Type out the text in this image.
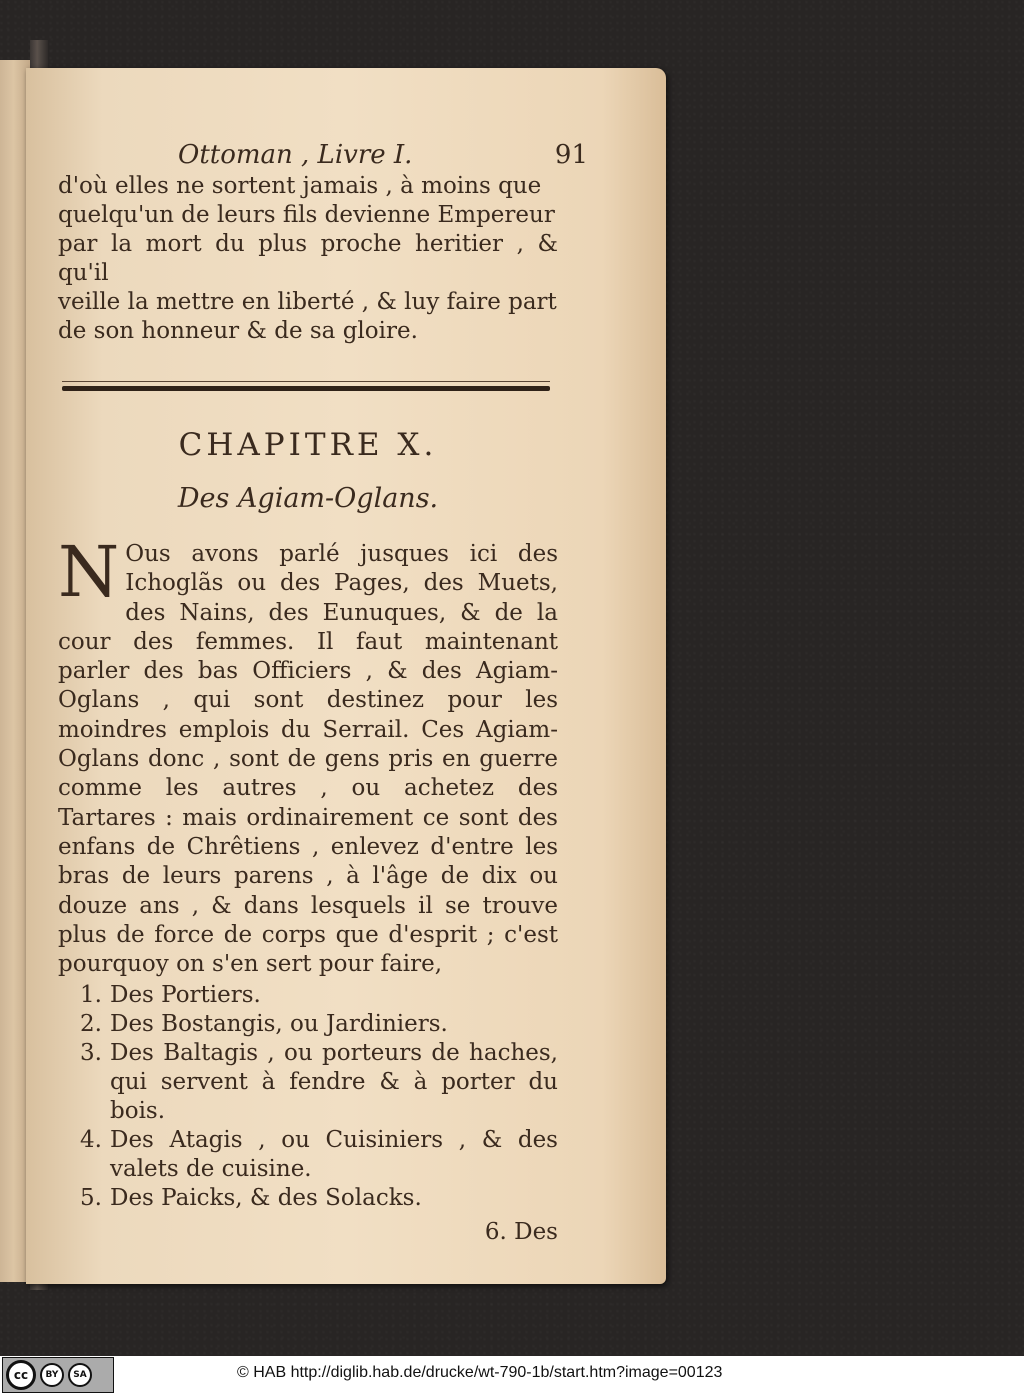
Ottoman , Livre I.	91
d'où elles ne sortent jamais , à moins que
quelqu'un de leurs fils devienne Empereur
par la mort du plus proche heritier , & qu'il
veille la mettre en liberté , & luy faire part
de son honneur & de sa gloire.
CHAPITRE X.
Des Agiam-Oglans.
N Ous avons parlé jusques ici des Ichoglãs ou des Pages, des Muets, des Nains, des Eunuques, & de la cour des femmes. Il faut maintenant parler des bas Officiers , & des Agiam-Oglans , qui sont destinez pour les moindres emplois du Serrail. Ces Agiam-Oglans donc , sont de gens pris en guerre comme les autres , ou achetez des Tartares : mais ordinairement ce sont des enfans de Chrêtiens , enlevez d'entre les bras de leurs parens , à l'âge de dix ou douze ans , & dans lesquels il se trouve plus de force de corps que d'esprit ; c'est pourquoy on s'en sert pour faire,
1. Des Portiers.
2. Des Bostangis, ou Jardiniers.
3. Des Baltagis , ou porteurs de haches, qui servent à fendre & à porter du bois.
4. Des Atagis , ou Cuisiniers , & des valets de cuisine.
5. Des Paicks, & des Solacks.
6. Des
cc	BY SA	© HAB http://diglib.hab.de/drucke/wt-790-1b/start.htm?image=00123
